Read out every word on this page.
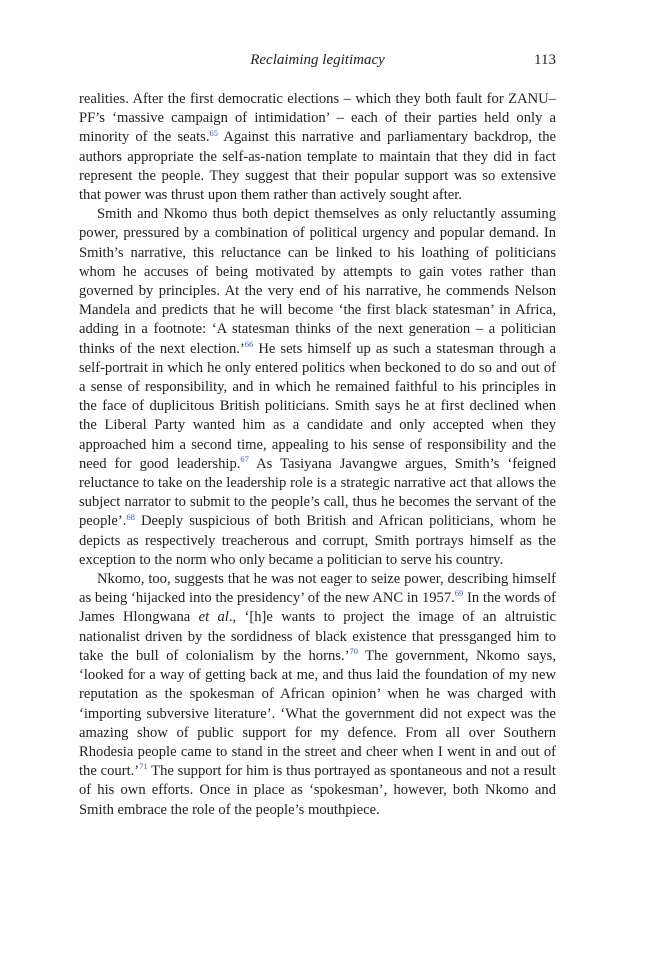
Reclaiming legitimacy	113

realities. After the first democratic elections – which they both fault for ZANU–PF’s ‘massive campaign of intimidation’ – each of their parties held only a minority of the seats.$^{65}$ Against this narrative and parliamentary backdrop, the authors appropriate the self-as-nation template to maintain that they did in fact represent the people. They suggest that their popular support was so extensive that power was thrust upon them rather than actively sought after.

Smith and Nkomo thus both depict themselves as only reluctantly assuming power, pressured by a combination of political urgency and popular demand. In Smith’s narrative, this reluctance can be linked to his loathing of politicians whom he accuses of being motivated by attempts to gain votes rather than governed by principles. At the very end of his narrative, he commends Nelson Mandela and predicts that he will become ‘the first black statesman’ in Africa, adding in a footnote: ‘A statesman thinks of the next generation – a politician thinks of the next election.’$^{66}$ He sets himself up as such a statesman through a self-portrait in which he only entered politics when beckoned to do so and out of a sense of responsibility, and in which he remained faithful to his principles in the face of duplicitous British politicians. Smith says he at first declined when the Liberal Party wanted him as a candidate and only accepted when they approached him a second time, appealing to his sense of responsibility and the need for good leadership.$^{67}$ As Tasiyana Javangwe argues, Smith’s ‘feigned reluctance to take on the leadership role is a strategic narrative act that allows the subject narrator to submit to the people’s call, thus he becomes the servant of the people’.$^{68}$ Deeply suspicious of both British and African politicians, whom he depicts as respectively treacherous and corrupt, Smith portrays himself as the exception to the norm who only became a politician to serve his country.

Nkomo, too, suggests that he was not eager to seize power, describing himself as being ‘hijacked into the presidency’ of the new ANC in 1957.69 In the words of James Hlongwana et al., ‘[h]e wants to project the image of an altruistic nationalist driven by the sordidness of black existence that pressganged him to take the bull of colonialism by the horns.’$^{70}$ The government, Nkomo says, ‘looked for a way of getting back at me, and thus laid the foundation of my new reputation as the spokesman of African opinion’ when he was charged with ‘importing subversive literature’. ‘What the government did not expect was the amazing show of public support for my defence. From all over Southern Rhodesia people came to stand in the street and cheer when I went in and out of the court.’$^{71}$ The support for him is thus portrayed as spontaneous and not a result of his own efforts. Once in place as ‘spokesman’, however, both Nkomo and Smith embrace the role of the people’s mouthpiece.
